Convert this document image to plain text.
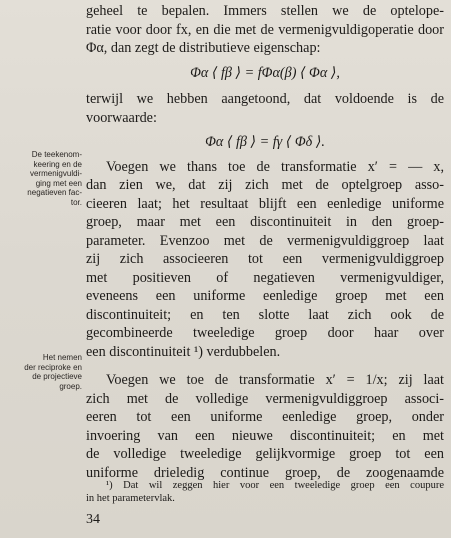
geheel te bepalen. Immers stellen we de optelope-
ratie voor door fx, en die met de vermenigvuldigoperatie door
Φα, dan zegt de distributieve eigenschap:
Φα ⟨ fβ ⟩ = fΦα(β) ⟨ Φα ⟩,
terwijl we hebben aangetoond, dat voldoende is de
voorwaarde:
Φα ⟨ fβ ⟩ = fγ ⟨ Φδ ⟩.
Voegen we thans toe de transformatie x′ = — x,
dan zien we, dat zij zich met de optelgroep asso-
cieeren laat; het resultaat blijft een eenledige uniforme
groep, maar met een discontinuiteit in den groep-
parameter. Evenzoo met de vermenigvuldiggroep laat
zij zich associeeren tot een vermenigvuldiggroep
met positieven of negatieven vermenigvuldiger,
eveneens een uniforme eenledige groep met een
discontinuiteit; en ten slotte laat zich ook de
gecombineerde tweeledige groep door haar over
een discontinuiteit ¹) verdubbelen.
Voegen we toe de transformatie x′ = 1/x; zij laat
zich met de volledige vermenigvuldiggroep associ-
eeren tot een uniforme eenledige groep, onder
invoering van een nieuwe discontinuiteit; en met
de volledige tweeledige gelijkvormige groep tot een
uniforme drieledig continue groep, de zoogenaamde
De teekenom-
keering en de
vermenigvuldi-
ging met een
negatieven fac-
tor.
Het nemen
der reciproke en
de projectieve
groep.
¹) Dat wil zeggen hier voor een tweeledige groep een coupure
in het parametervlak.
34
